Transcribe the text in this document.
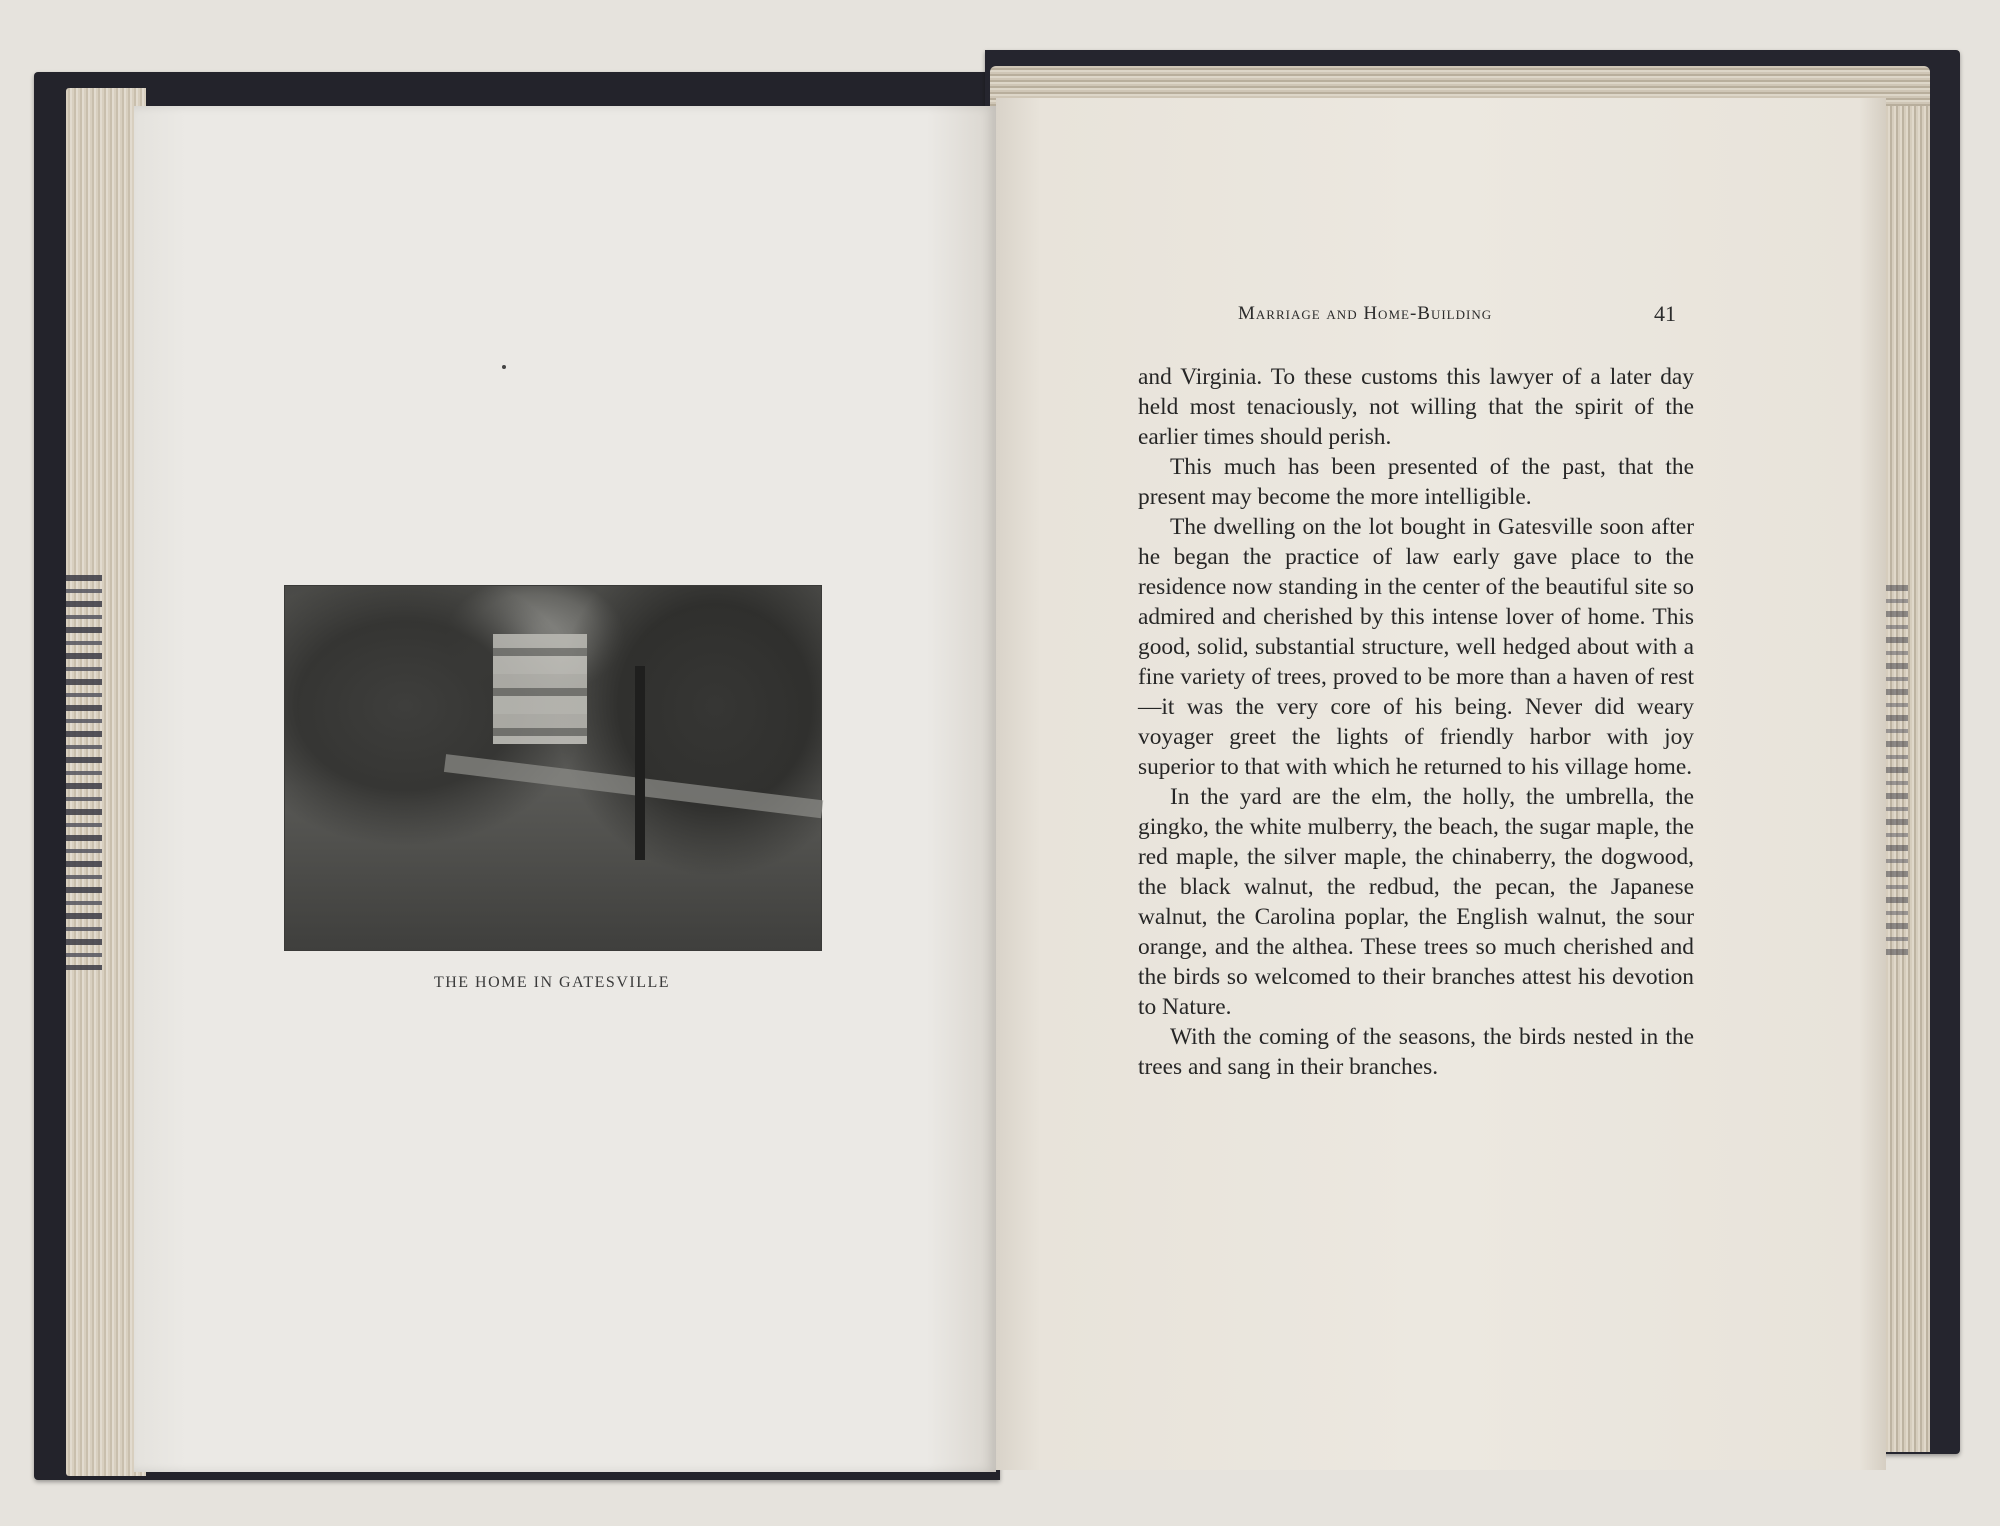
THE HOME IN GATESVILLE
Marriage and Home-Building	41

and Virginia. To these customs this lawyer of a later day held most tenaciously, not willing that the spirit of the earlier times should perish.

This much has been presented of the past, that the present may become the more intelligible.

The dwelling on the lot bought in Gatesville soon after he began the practice of law early gave place to the residence now standing in the center of the beautiful site so admired and cherished by this intense lover of home. This good, solid, substantial structure, well hedged about with a fine variety of trees, proved to be more than a haven of rest—it was the very core of his being. Never did weary voyager greet the lights of friendly harbor with joy superior to that with which he returned to his village home.

In the yard are the elm, the holly, the umbrella, the gingko, the white mulberry, the beach, the sugar maple, the red maple, the silver maple, the chinaberry, the dogwood, the black walnut, the redbud, the pecan, the Japanese walnut, the Carolina poplar, the English walnut, the sour orange, and the althea. These trees so much cherished and the birds so welcomed to their branches attest his devotion to Nature.

With the coming of the seasons, the birds nested in the trees and sang in their branches.
